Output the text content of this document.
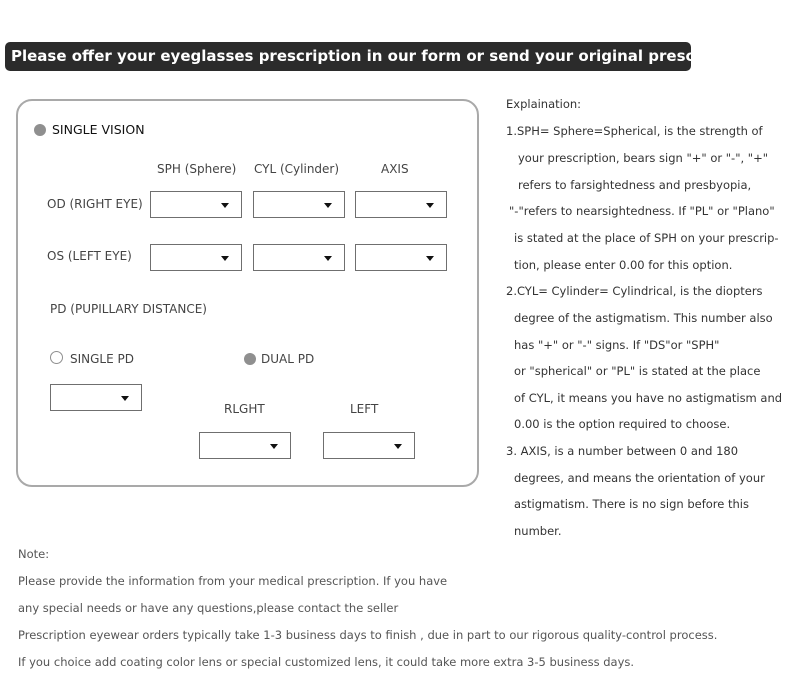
Please offer your eyeglasses prescription in our form or send your original prescription to us.
SINGLE VISION
SPH (Sphere) CYL (Cylinder)	AXIS
OD (RIGHT EYE)
OS (LEFT EYE)
PD (PUPILLARY DISTANCE)
SINGLE PD	DUAL PD
RLGHT	LEFT
Explaination:
1.SPH= Sphere=Spherical, is the strength of
your prescription, bears sign "+" or "-", "+"
refers to farsightedness and presbyopia,
"-"refers to nearsightedness. If "PL" or "Plano"
is stated at the place of SPH on your prescrip-
tion, please enter 0.00 for this option.
2.CYL= Cylinder= Cylindrical, is the diopters
degree of the astigmatism. This number also
has "+" or "-" signs. If "DS"or "SPH"
or "spherical" or "PL" is stated at the place
of CYL, it means you have no astigmatism and
0.00 is the option required to choose.
3. AXIS, is a number between 0 and 180
degrees, and means the orientation of your
astigmatism. There is no sign before this
number.
Note:
Please provide the information from your medical prescription. If you have
any special needs or have any questions,please contact the seller
Prescription eyewear orders typically take 1-3 business days to finish , due in part to our rigorous quality-control process.
If you choice add coating color lens or special customized lens, it could take more extra 3-5 business days.
